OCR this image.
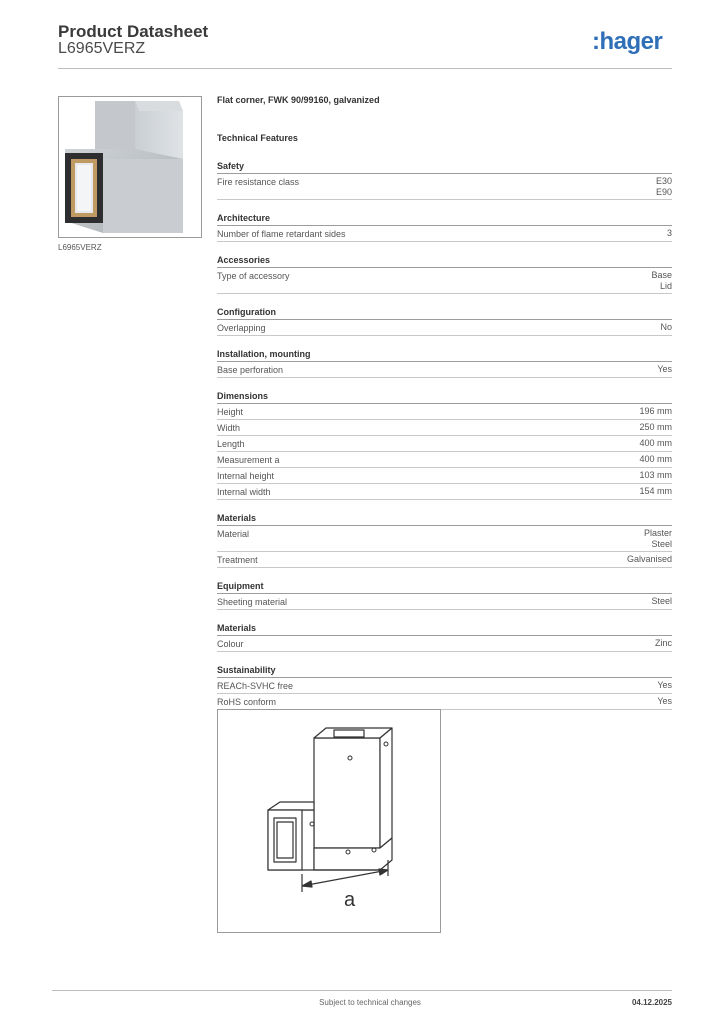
Product Datasheet
L6965VERZ	:hager
L6965VERZ
Flat corner, FWK 90/99160, galvanized
Technical Features
Safety
Fire resistance class	E30
E90
Architecture
Number of flame retardant sides	3
Accessories
Type of accessory	Base
Lid
Configuration
Overlapping	No
Installation, mounting
Base perforation	Yes
Dimensions
Height	196 mm
Width	250 mm
Length	400 mm
Measurement a	400 mm
Internal height	103 mm
Internal width	154 mm
Materials
Material	Plaster
Steel
Treatment	Galvanised
Equipment
Sheeting material	Steel
Materials
Colour	Zinc
Sustainability
REACh-SVHC free	Yes
RoHS conform	Yes
a
Subject to technical changes	04.12.2025
